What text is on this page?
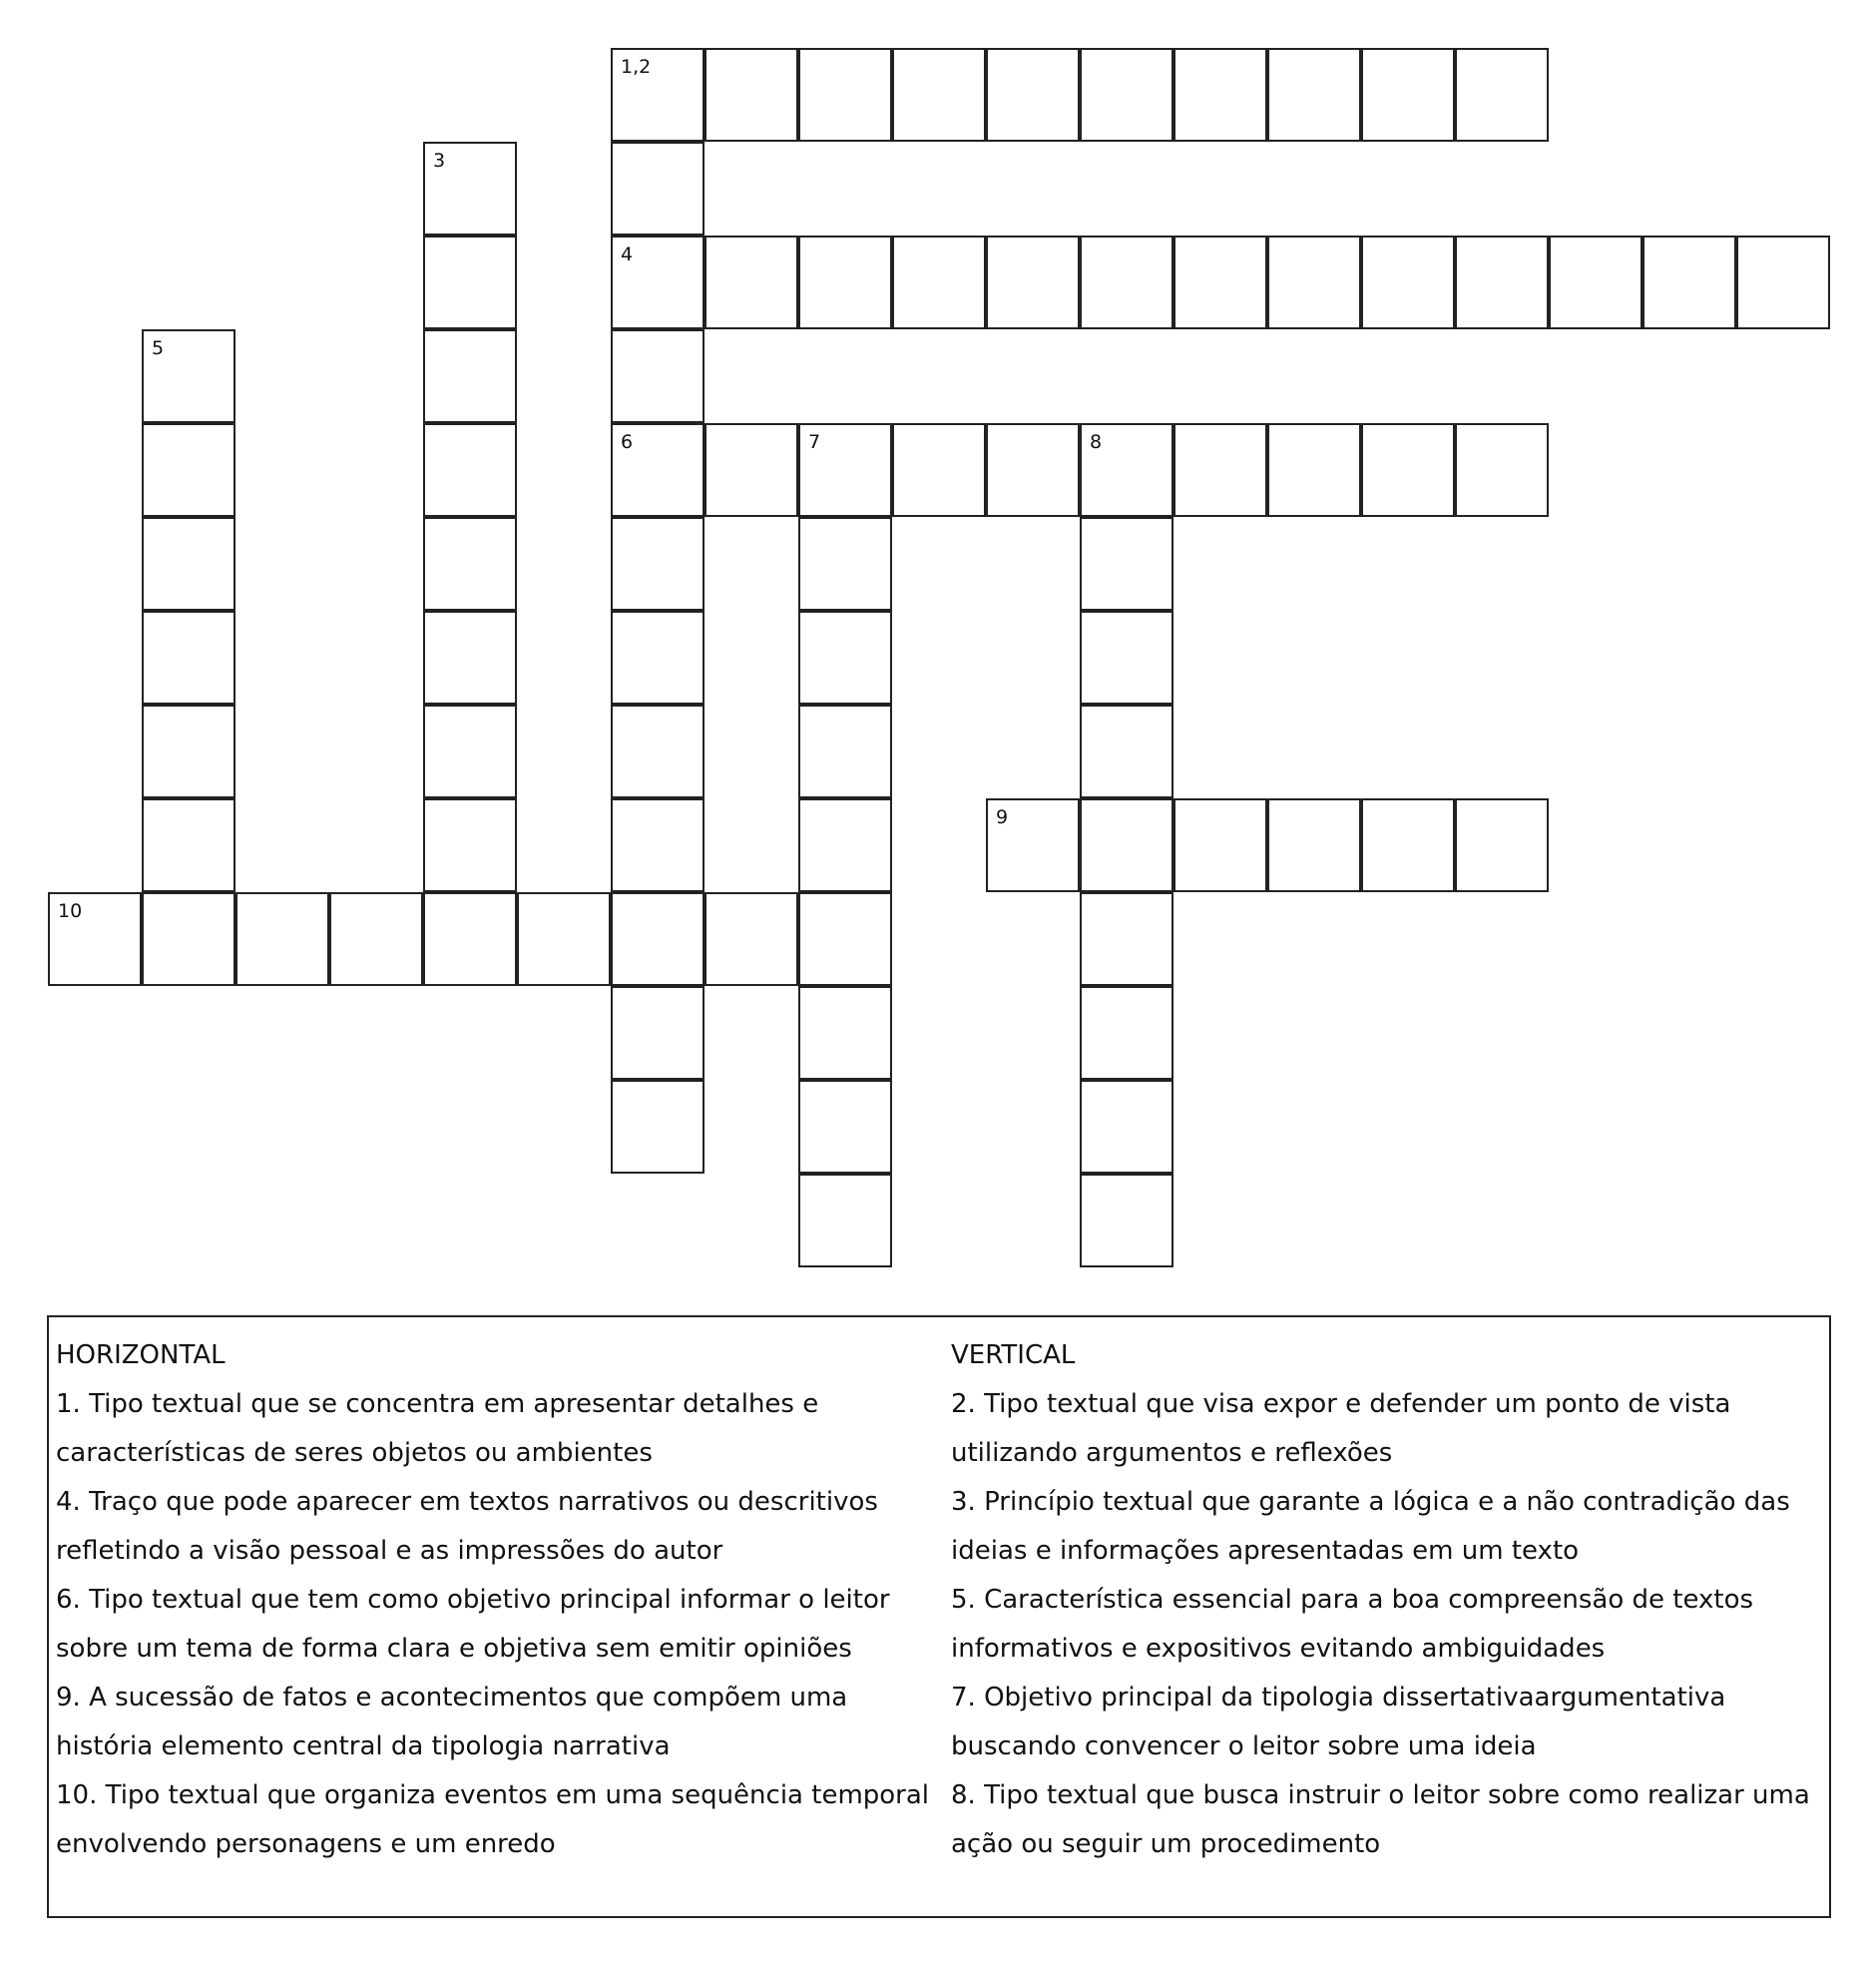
1,2
4
6
3
5
7	8
9
10

HORIZONTAL

1. Tipo textual que se concentra em apresentar detalhes e características de seres objetos ou ambientes

4. Traço que pode aparecer em textos narrativos ou descritivos refletindo a visão pessoal e as impressões do autor

6. Tipo textual que tem como objetivo principal informar o leitor sobre um tema de forma clara e objetiva sem emitir opiniões

9. A sucessão de fatos e acontecimentos que compõem uma história elemento central da tipologia narrativa

10. Tipo textual que organiza eventos em uma sequência temporal envolvendo personagens e um enredo

VERTICAL

2. Tipo textual que visa expor e defender um ponto de vista utilizando argumentos e reflexões

3. Princípio textual que garante a lógica e a não contradição das ideias e informações apresentadas em um texto

5. Característica essencial para a boa compreensão de textos informativos e expositivos evitando ambiguidades

7. Objetivo principal da tipologia dissertativaargumentativa buscando convencer o leitor sobre uma ideia

8. Tipo textual que busca instruir o leitor sobre como realizar uma ação ou seguir um procedimento
